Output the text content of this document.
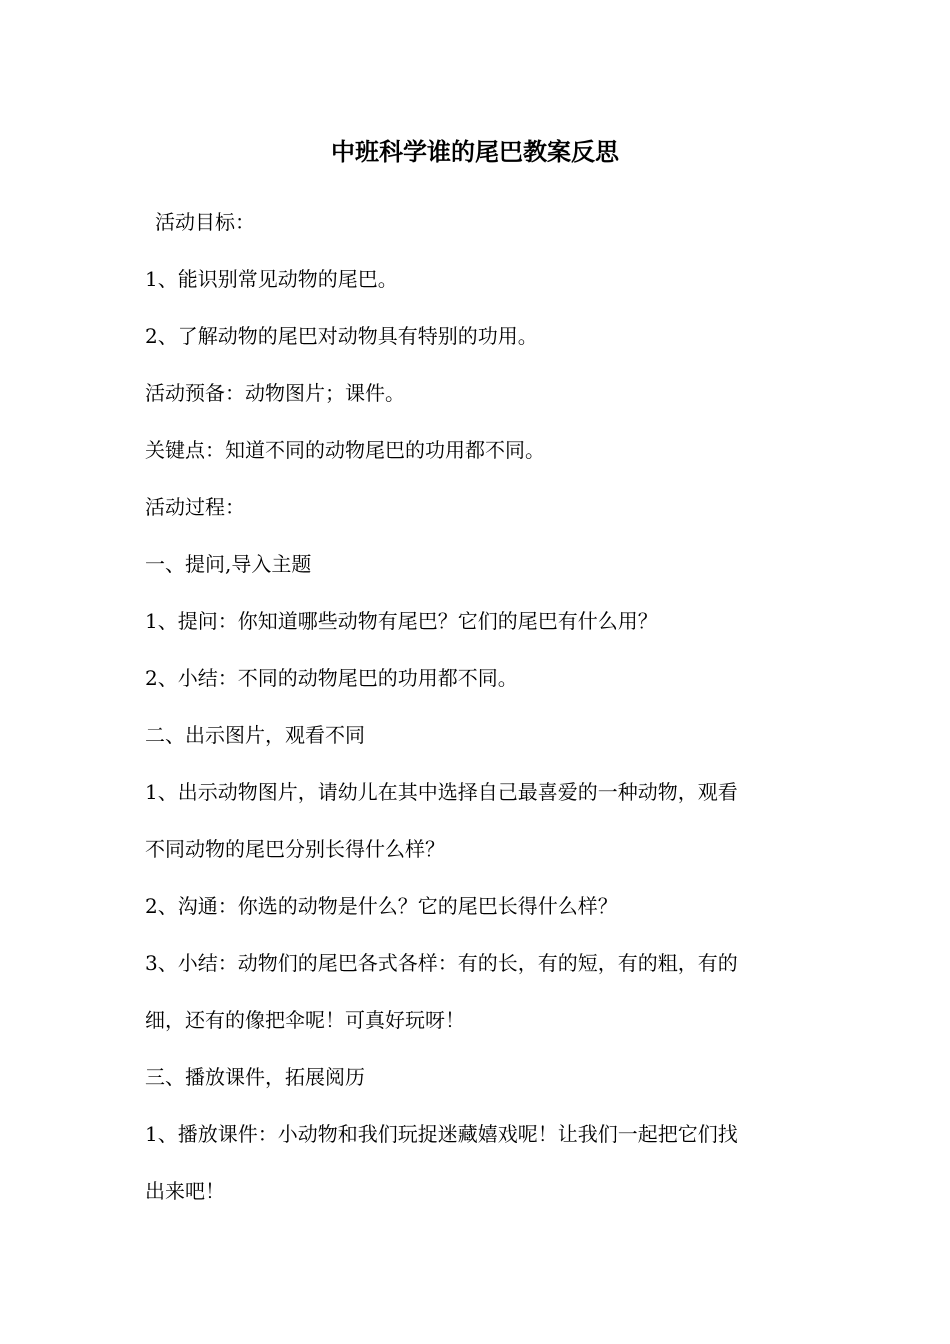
中班科学谁的尾巴教案反思
活动目标：
1、能识别常见动物的尾巴。
2、了解动物的尾巴对动物具有特别的功用。
活动预备：动物图片；课件。
关键点：知道不同的动物尾巴的功用都不同。
活动过程：
一、提问,导入主题
1、提问：你知道哪些动物有尾巴？它们的尾巴有什么用？
2、小结：不同的动物尾巴的功用都不同。
二、出示图片，观看不同
1、出示动物图片，请幼儿在其中选择自己最喜爱的一种动物，观看
不同动物的尾巴分别长得什么样？
2、沟通：你选的动物是什么？它的尾巴长得什么样？
3、小结：动物们的尾巴各式各样：有的长，有的短，有的粗，有的
细，还有的像把伞呢！可真好玩呀！
三、播放课件，拓展阅历
1、播放课件：小动物和我们玩捉迷藏嬉戏呢！让我们一起把它们找
出来吧！
